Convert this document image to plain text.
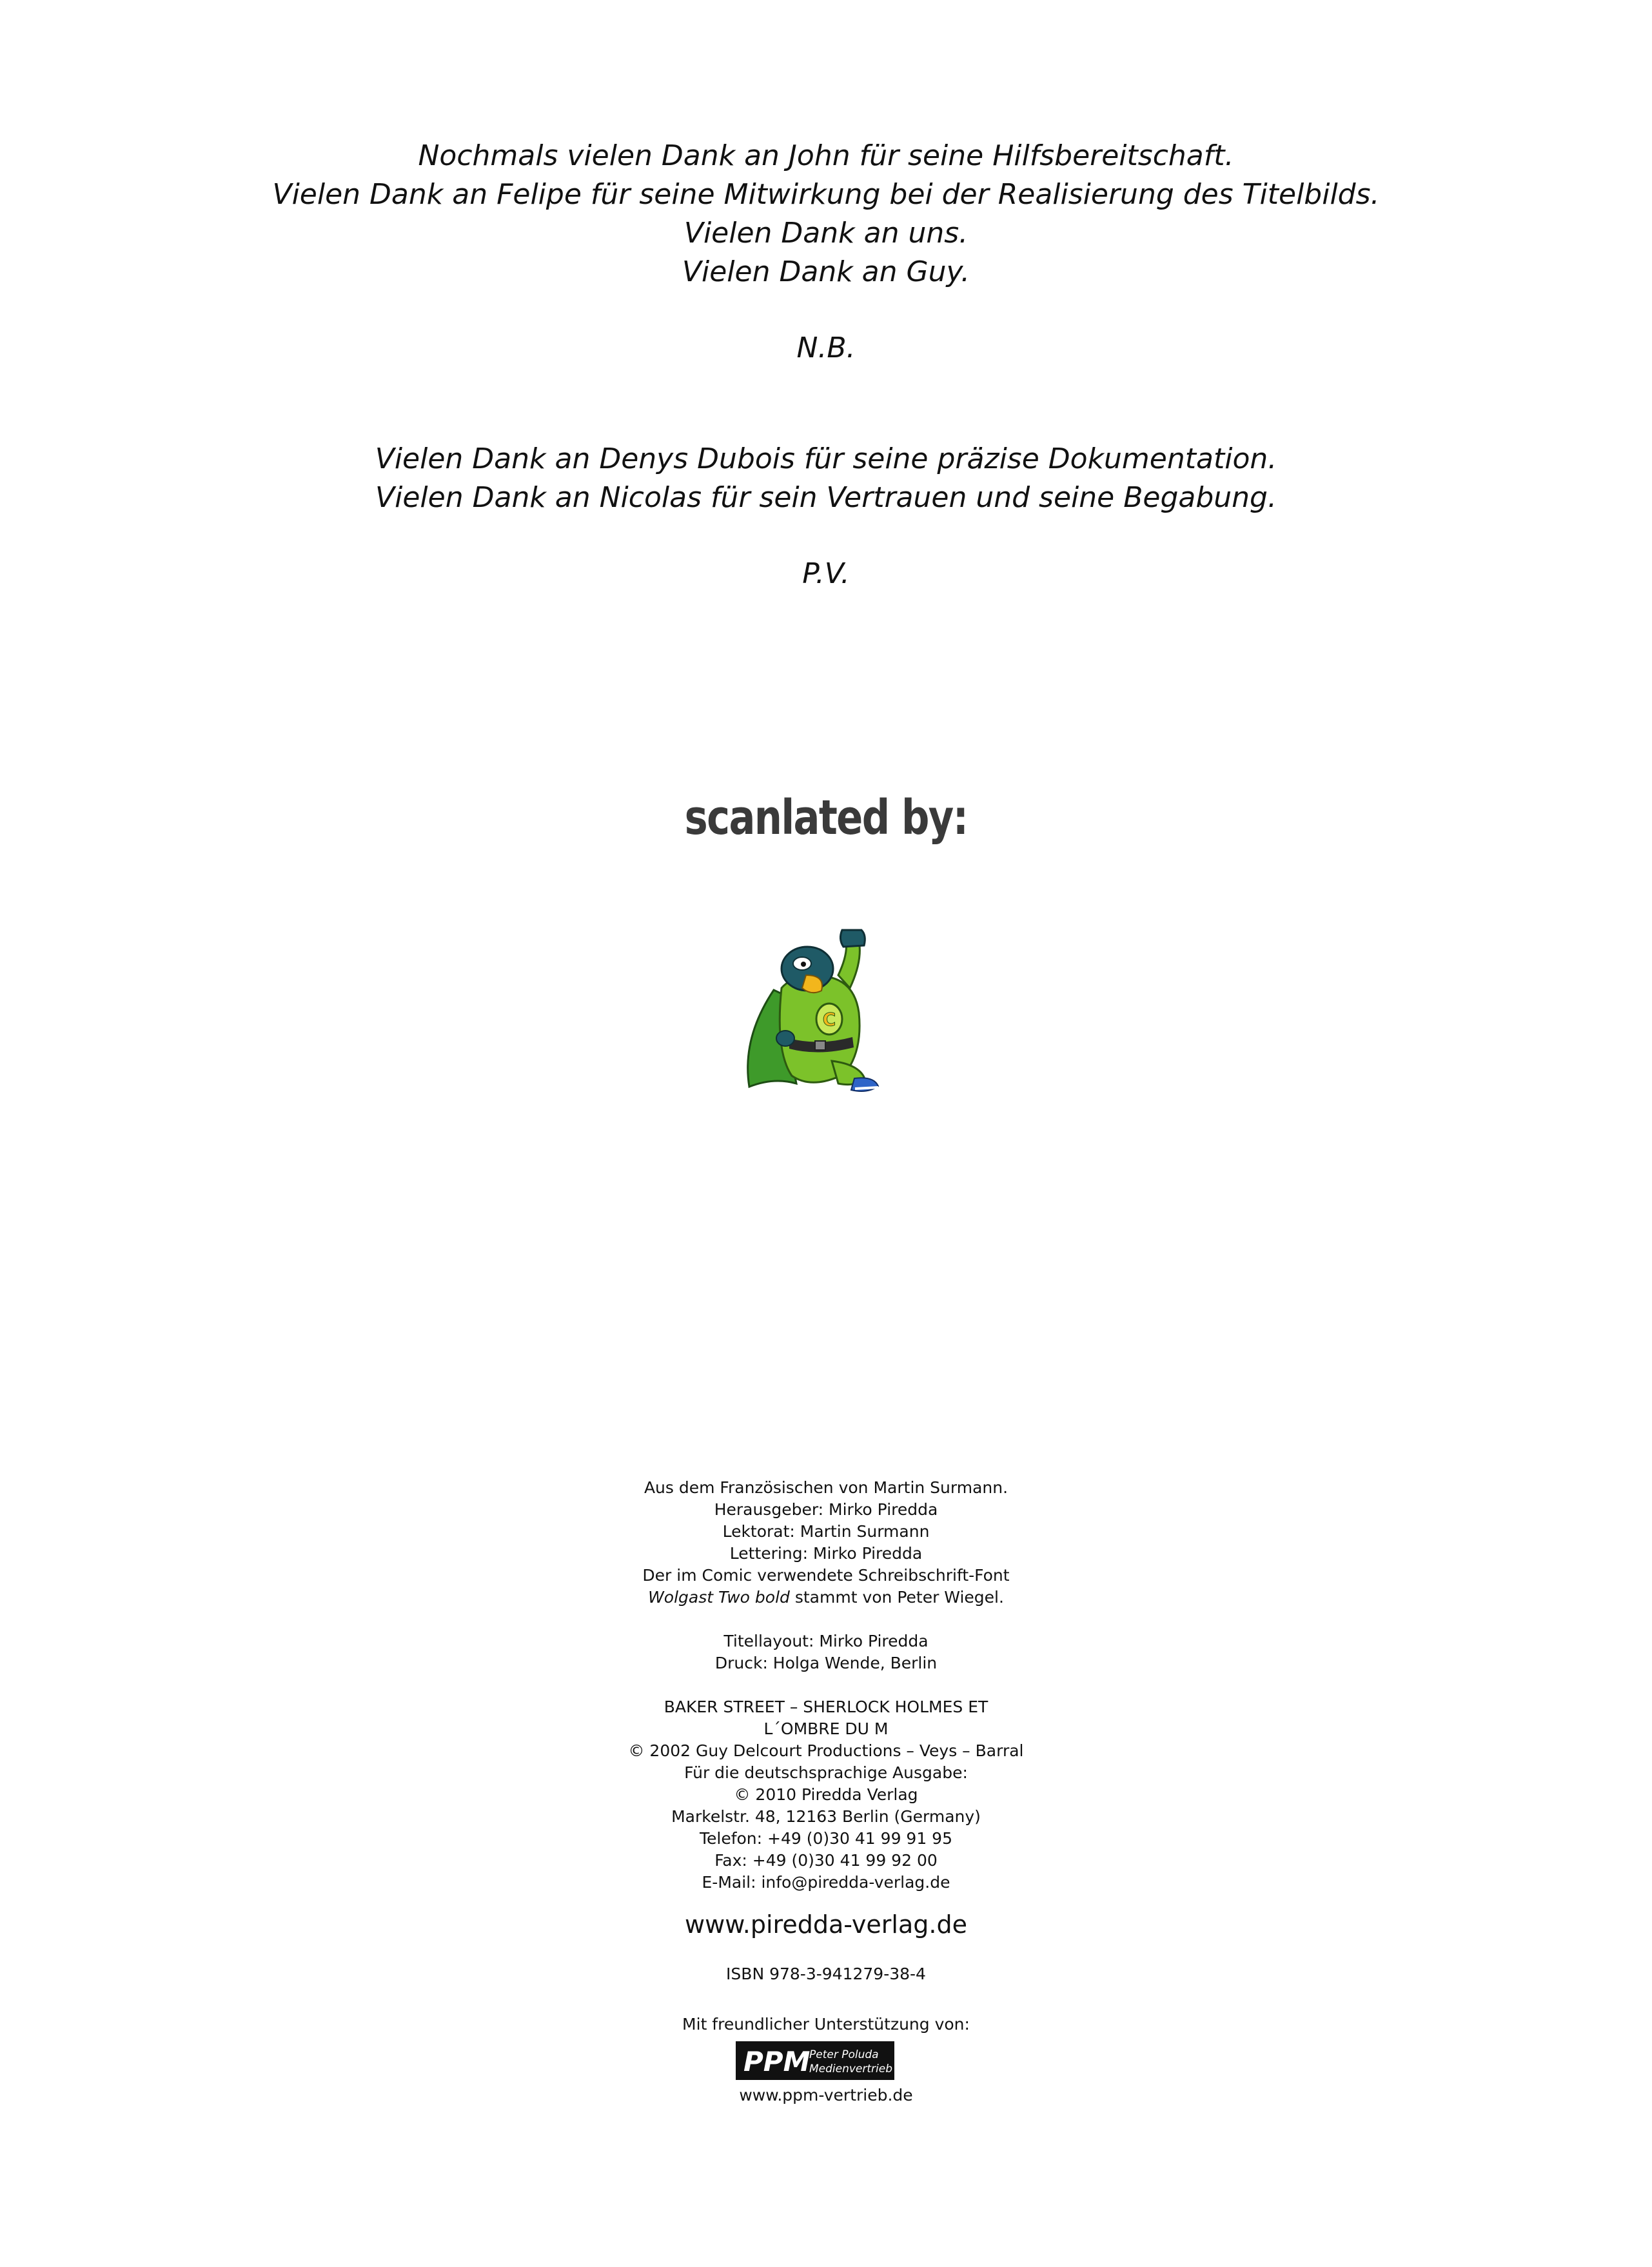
Nochmals vielen Dank an John für seine Hilfsbereitschaft.
Vielen Dank an Felipe für seine Mitwirkung bei der Realisierung des Titelbilds.
Vielen Dank an uns.
Vielen Dank an Guy.
N.B.
Vielen Dank an Denys Dubois für seine präzise Dokumentation.
Vielen Dank an Nicolas für sein Vertrauen und seine Begabung.
P.V.
scanlated by:
C
Aus dem Französischen von Martin Surmann.
Herausgeber: Mirko Piredda
Lektorat: Martin Surmann
Lettering: Mirko Piredda
Der im Comic verwendete Schreibschrift-Font
Wolgast Two bold stammt von Peter Wiegel.
Titellayout: Mirko Piredda
Druck: Holga Wende, Berlin
BAKER STREET – SHERLOCK HOLMES ET
L´OMBRE DU M
© 2002 Guy Delcourt Productions – Veys – Barral
Für die deutschsprachige Ausgabe:
© 2010 Piredda Verlag
Markelstr. 48, 12163 Berlin (Germany)
Telefon: +49 (0)30 41 99 91 95
Fax: +49 (0)30 41 99 92 00
E-Mail: info@piredda-verlag.de
www.piredda-verlag.de
ISBN 978-3-941279-38-4
Mit freundlicher Unterstützung von:
PPM
Peter Poluda
Medienvertrieb
www.ppm-vertrieb.de
